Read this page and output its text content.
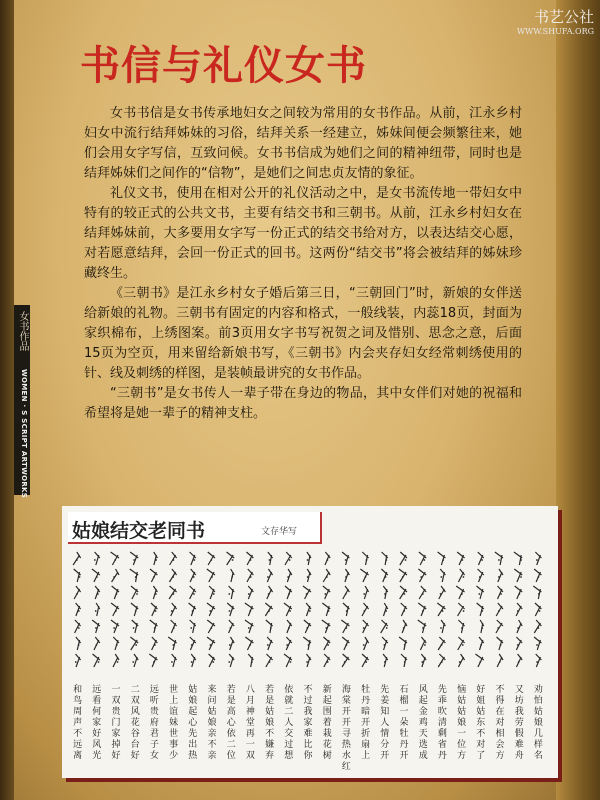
书艺公社
WWW.SHUFA.ORG
书信与礼仪女书
女书作品
WOMEN · S SCRIPT ARTWORKS

女书书信是女书传承地妇女之间较为常用的女书作品。从前，江永乡村妇女中流行结拜姊妹的习俗，结拜关系一经建立，姊妹间便会频繁往来，她们会用女字写信，互致问候。女书书信成为她们之间的精神纽带，同时也是结拜姊妹们之间作的“信物”，是她们之间忠贞友情的象征。

礼仪文书，使用在相对公开的礼仪活动之中，是女书流传地一带妇女中特有的较正式的公共文书，主要有结交书和三朝书。从前，江永乡村妇女在结拜姊妹前，大多要用女字写一份正式的结交书给对方，以表达结交心愿，对若愿意结拜，会回一份正式的回书。这两份“结交书”将会被结拜的姊妹珍藏终生。

《三朝书》是江永乡村女子婚后第三日，“三朝回门”时，新娘的女伴送给新娘的礼物。三朝书有固定的内容和格式，一般线装，内蕊18页，封面为家织棉布，上绣图案。前3页用女字书写祝贺之词及惜别、思念之意，后面15页为空页，用来留给新娘书写，《三朝书》内会夹存妇女经常刺绣使用的针、线及刺绣的样图，是装帧最讲究的女书作品。

“三朝书”是女书传人一辈子带在身边的物品，其中女伴们对她的祝福和希望将是她一辈子的精神支柱。

姑娘结交老同书	文存华写
劝怕姑娘几样名
又坊我劳假难舟
不得在对相会方
好姐姑东不对了
恼姑姑娘一位方
先乖吹清剩省丹
风起金鸡天选成
石榴一朵牡丹开
先姜知人情分开
牡丹暗开折扇上
海棠开开寻热水红
新起围着栽花树
不过我家难比你
依就二人交过想
若是姑娘不嫌弃
八月神堂再一双
若是高心依二位
来问姑娘亲不亲
姑娘起心先出热
世上谊妹世事少
远听贵府君子女
二双风花谷台好
一双贵门家掉好
远看何家好风光
和鸟周声不远离
